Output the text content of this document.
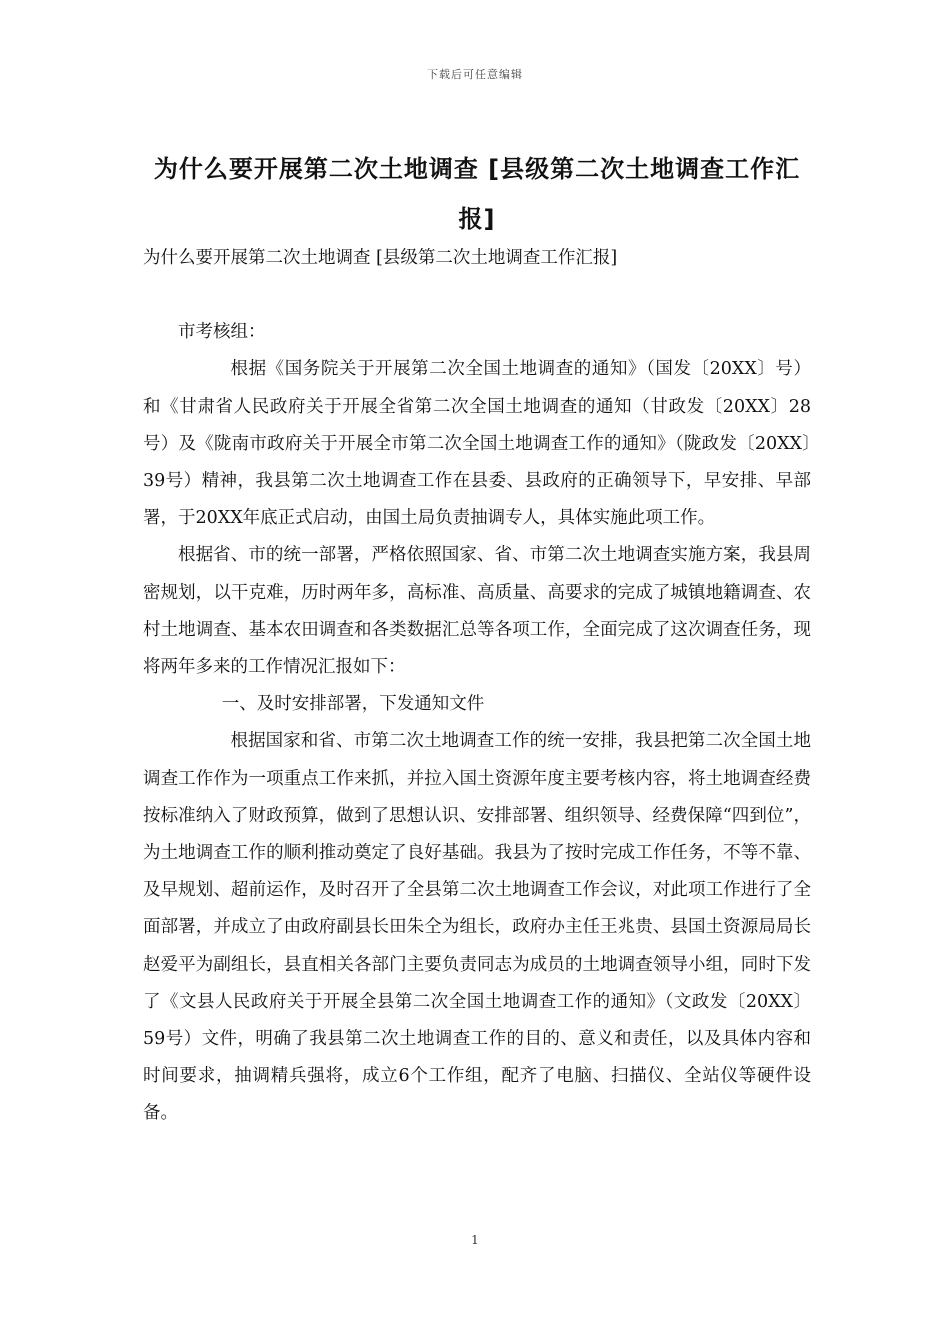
下载后可任意编辑
为什么要开展第二次土地调查 [县级第二次土地调查工作汇报]

为什么要开展第二次土地调查 [县级第二次土地调查工作汇报]

市考核组：

根据《国务院关于开展第二次全国土地调查的通知》（国发〔20XX〕号）和《甘肃省人民政府关于开展全省第二次全国土地调查的通知（甘政发〔20XX〕28号）及《陇南市政府关于开展全市第二次全国土地调查工作的通知》（陇政发〔20XX〕39号）精神，我县第二次土地调查工作在县委、县政府的正确领导下，早安排、早部署，于20XX年底正式启动，由国土局负责抽调专人，具体实施此项工作。

根据省、市的统一部署，严格依照国家、省、市第二次土地调查实施方案，我县周密规划，以干克难，历时两年多，高标准、高质量、高要求的完成了城镇地籍调查、农村土地调查、基本农田调查和各类数据汇总等各项工作，全面完成了这次调查任务，现将两年多来的工作情况汇报如下：

一、及时安排部署，下发通知文件

根据国家和省、市第二次土地调查工作的统一安排，我县把第二次全国土地调查工作作为一项重点工作来抓，并拉入国土资源年度主要考核内容，将土地调查经费按标准纳入了财政预算，做到了思想认识、安排部署、组织领导、经费保障“四到位”，为土地调查工作的顺利推动奠定了良好基础。我县为了按时完成工作任务，不等不靠、及早规划、超前运作，及时召开了全县第二次土地调查工作会议，对此项工作进行了全面部署，并成立了由政府副县长田朱仝为组长，政府办主任王兆贵、县国土资源局局长赵爱平为副组长，县直相关各部门主要负责同志为成员的土地调查领导小组，同时下发了《文县人民政府关于开展全县第二次全国土地调查工作的通知》（文政发〔20XX〕59号）文件，明确了我县第二次土地调查工作的目的、意义和责任，以及具体内容和时间要求，抽调精兵强将，成立6个工作组，配齐了电脑、扫描仪、全站仪等硬件设备。

1
